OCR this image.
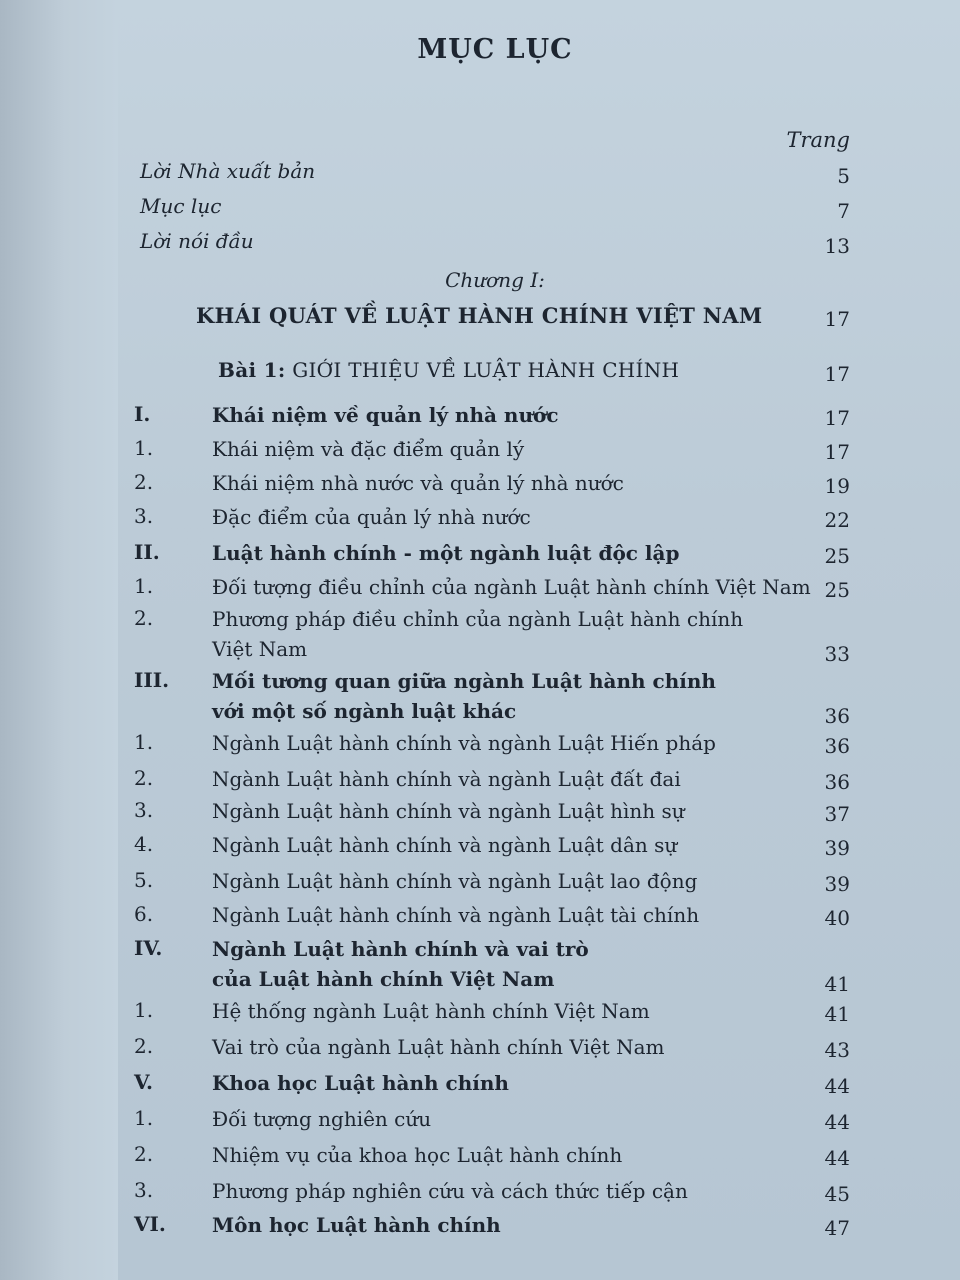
MỤC LỤC
Trang
Lời Nhà xuất bản	5
Mục lục	7
Lời nói đầu	13
Chương I:
KHÁI QUÁT VỀ LUẬT HÀNH CHÍNH VIỆT NAM	17
Bài 1: GIỚI THIỆU VỀ LUẬT HÀNH CHÍNH	17
I.	Khái niệm về quản lý nhà nước	17
1.	Khái niệm và đặc điểm quản lý	17
2.	Khái niệm nhà nước và quản lý nhà nước	19
3.	Đặc điểm của quản lý nhà nước	22
II.	Luật hành chính - một ngành luật độc lập	25
1.	Đối tượng điều chỉnh của ngành Luật hành chính Việt Nam 25
2.	Phương pháp điều chỉnh của ngành Luật hành chính
Việt Nam	33
III. Mối tương quan giữa ngành Luật hành chính
với một số ngành luật khác	36
1.	Ngành Luật hành chính và ngành Luật Hiến pháp	36
2.	Ngành Luật hành chính và ngành Luật đất đai	36
3.	Ngành Luật hành chính và ngành Luật hình sự	37
4.	Ngành Luật hành chính và ngành Luật dân sự	39
5.	Ngành Luật hành chính và ngành Luật lao động	39
6.	Ngành Luật hành chính và ngành Luật tài chính	40
IV. Ngành Luật hành chính và vai trò
của Luật hành chính Việt Nam	41
1.	Hệ thống ngành Luật hành chính Việt Nam	41
2.	Vai trò của ngành Luật hành chính Việt Nam	43
V.	Khoa học Luật hành chính	44
1.	Đối tượng nghiên cứu	44
2.	Nhiệm vụ của khoa học Luật hành chính	44
3.	Phương pháp nghiên cứu và cách thức tiếp cận	45
VI. Môn học Luật hành chính	47
